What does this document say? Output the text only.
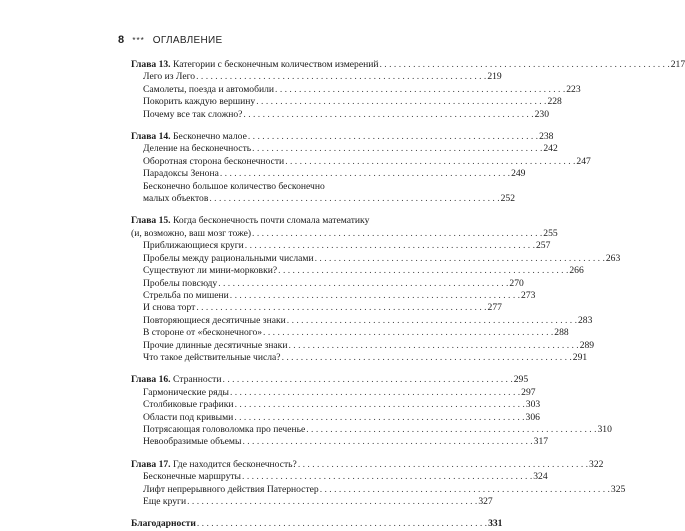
8 *** ОГЛАВЛЕНИЕ
Глава 13. Категории с бесконечным количеством измерений . . .	217
Лего из Лего . . .	219
Самолеты, поезда и автомобили . . .	223
Покорить каждую вершину . . .	228
Почему все так сложно? . . .	230
Глава 14. Бесконечно малое . . .	238
Деление на бесконечность . . .	242
Оборотная сторона бесконечности . . .	247
Парадоксы Зенона . . .	249
Бесконечно большое количество бесконечно
малых объектов . . .	252
Глава 15. Когда бесконечность почти сломала математику
(и, возможно, ваш мозг тоже) . . .	255
Приближающиеся круги . . .	257
Пробелы между рациональными числами . . .	263
Существуют ли мини-морковки? . . .	266
Пробелы повсюду . . .	270
Стрельба по мишени . . .	273
И снова торт . . .	277
Повторяющиеся десятичные знаки . . .	283
В стороне от «бесконечного» . . .	288
Прочие длинные десятичные знаки . . .	289
Что такое действительные числа? . . .	291
Глава 16. Странности . . .	295
Гармонические ряды . . .	297
Столбиковые графики . . .	303
Области под кривыми . . .	306
Потрясающая головоломка про печенье . . .	310
Невообразимые объемы . . .	317
Глава 17. Где находится бесконечность? . . .	322
Бесконечные маршруты . . .	324
Лифт непрерывного действия Патерностер . . .	325
Еще круги . . .	327
Благодарности . . .	331
